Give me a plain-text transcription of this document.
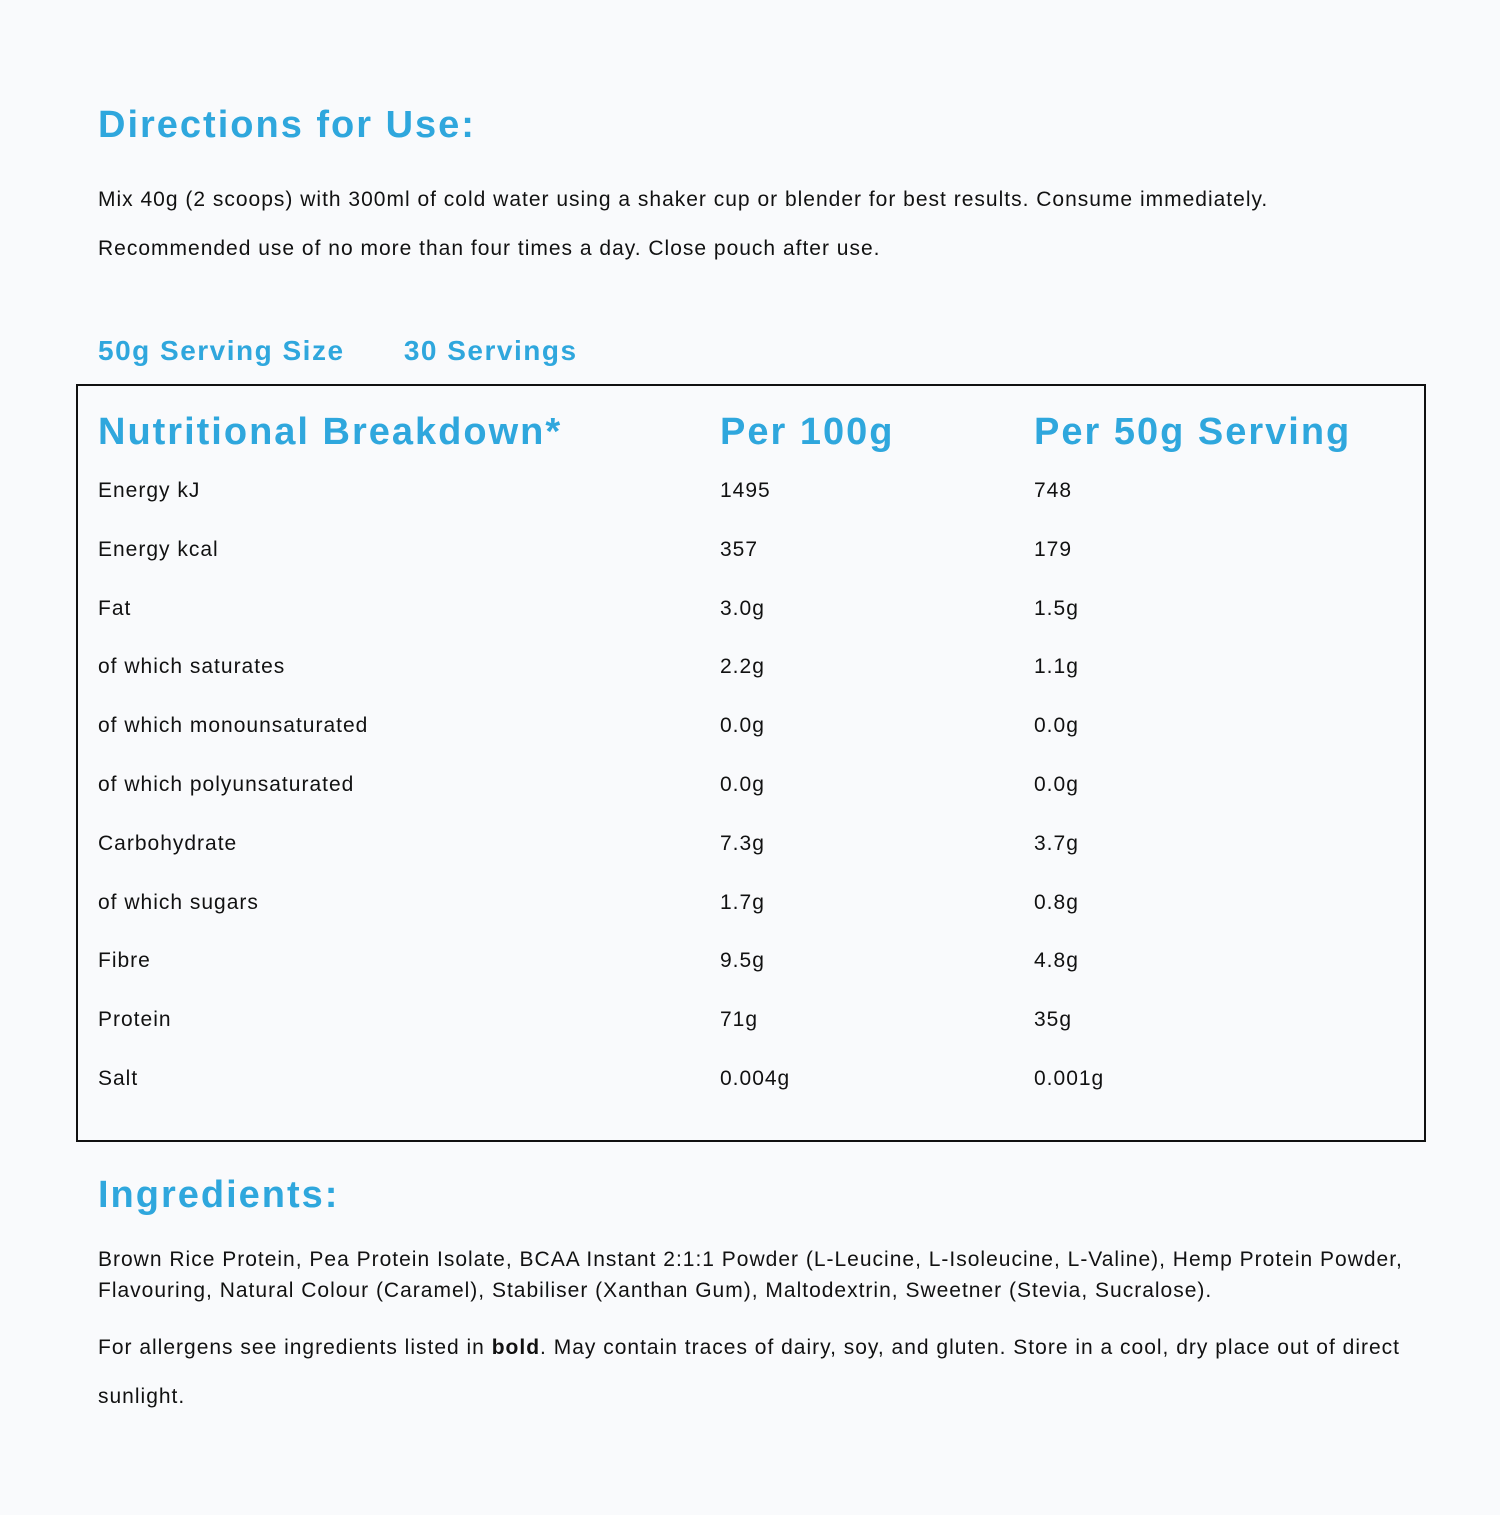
Directions for Use:

Mix 40g (2 scoops) with 300ml of cold water using a shaker cup or blender for best results. Consume immediately.

Recommended use of no more than four times a day. Close pouch after use.

50g Serving Size 30 Servings
Nutritional Breakdown*	Per 100g	Per 50g Serving
Energy kJ	1495	748
Energy kcal	357	179
Fat	3.0g	1.5g
of which saturates	2.2g	1.1g
of which monounsaturated	0.0g	0.0g
of which polyunsaturated	0.0g	0.0g
Carbohydrate	7.3g	3.7g
of which sugars	1.7g	0.8g
Fibre	9.5g	4.8g
Protein	71g	35g
Salt	0.004g	0.001g
Ingredients:

Brown Rice Protein, Pea Protein Isolate, BCAA Instant 2:1:1 Powder (L-Leucine, L-Isoleucine, L-Valine), Hemp Protein Powder, Flavouring, Natural Colour (Caramel), Stabiliser (Xanthan Gum), Maltodextrin, Sweetner (Stevia, Sucralose).

For allergens see ingredients listed in bold. May contain traces of dairy, soy, and gluten. Store in a cool, dry place out of direct sunlight.
